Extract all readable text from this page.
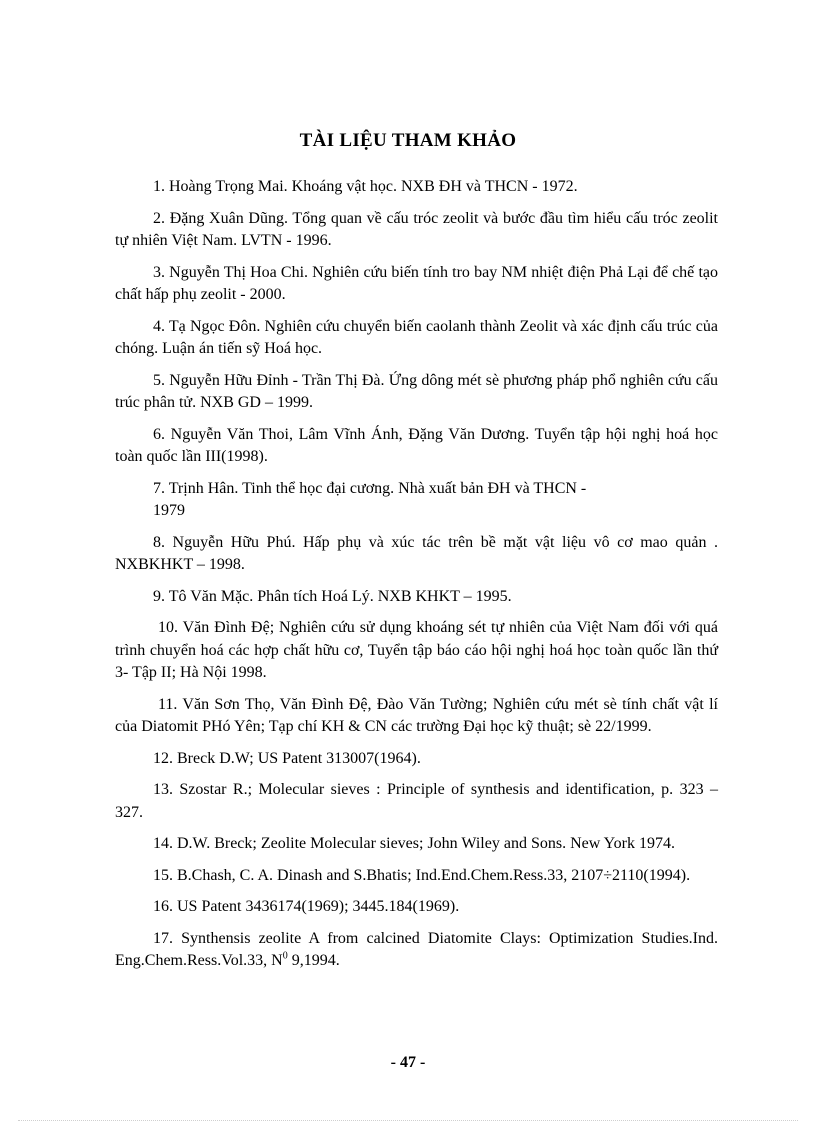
TÀI LIỆU THAM KHẢO

1. Hoàng Trọng Mai. Khoáng vật học. NXB ĐH và THCN - 1972.

2. Đặng Xuân Dũng. Tổng quan về cấu tróc zeolit và bước đầu tìm hiểu cấu tróc zeolit tự nhiên Việt Nam. LVTN - 1996.

3. Nguyễn Thị Hoa Chi. Nghiên cứu biến tính tro bay NM nhiệt điện Phả Lại để chế tạo chất hấp phụ zeolit - 2000.

4. Tạ Ngọc Đôn. Nghiên cứu chuyển biến caolanh thành Zeolit và xác định cấu trúc của chóng. Luận án tiến sỹ Hoá học.

5. Nguyễn Hữu Đỉnh - Trần Thị Đà. Ứng dông mét sè phương pháp phổ nghiên cứu cấu trúc phân tử. NXB GD – 1999.

6. Nguyễn Văn Thoi, Lâm Vĩnh Ánh, Đặng Văn Dương. Tuyển tập hội nghị hoá học toàn quốc lần III(1998).

7. Trịnh Hân. Tinh thể học đại cương. Nhà xuất bản ĐH và THCN -
1979

8. Nguyễn Hữu Phú. Hấp phụ và xúc tác trên bề mặt vật liệu vô cơ mao quản . NXBKHKT – 1998.

9. Tô Văn Mặc. Phân tích Hoá Lý. NXB KHKT – 1995.

10. Văn Đình Đệ; Nghiên cứu sử dụng khoáng sét tự nhiên của Việt Nam đối với quá trình chuyển hoá các hợp chất hữu cơ, Tuyển tập báo cáo hội nghị hoá học toàn quốc lần thứ 3- Tập II; Hà Nội 1998.

11. Văn Sơn Thọ, Văn Đình Đệ, Đào Văn Tường; Nghiên cứu mét sè tính chất vật lí của Diatomit PHó Yên; Tạp chí KH & CN các trường Đại học kỹ thuật; sè 22/1999.

12. Breck D.W; US Patent 313007(1964).

13. Szostar R.; Molecular sieves : Principle of synthesis and identification, p. 323 – 327.

14. D.W. Breck; Zeolite Molecular sieves; John Wiley and Sons. New York 1974.

15. B.Chash, C. A. Dinash and S.Bhatis; Ind.End.Chem.Ress.33, 2107÷2110(1994).

16. US Patent 3436174(1969); 3445.184(1969).

17. Synthensis zeolite A from calcined Diatomite Clays: Optimization Studies.Ind. Eng.Chem.Ress.Vol.33, $N^0$ 9,1994.

- 47 -
